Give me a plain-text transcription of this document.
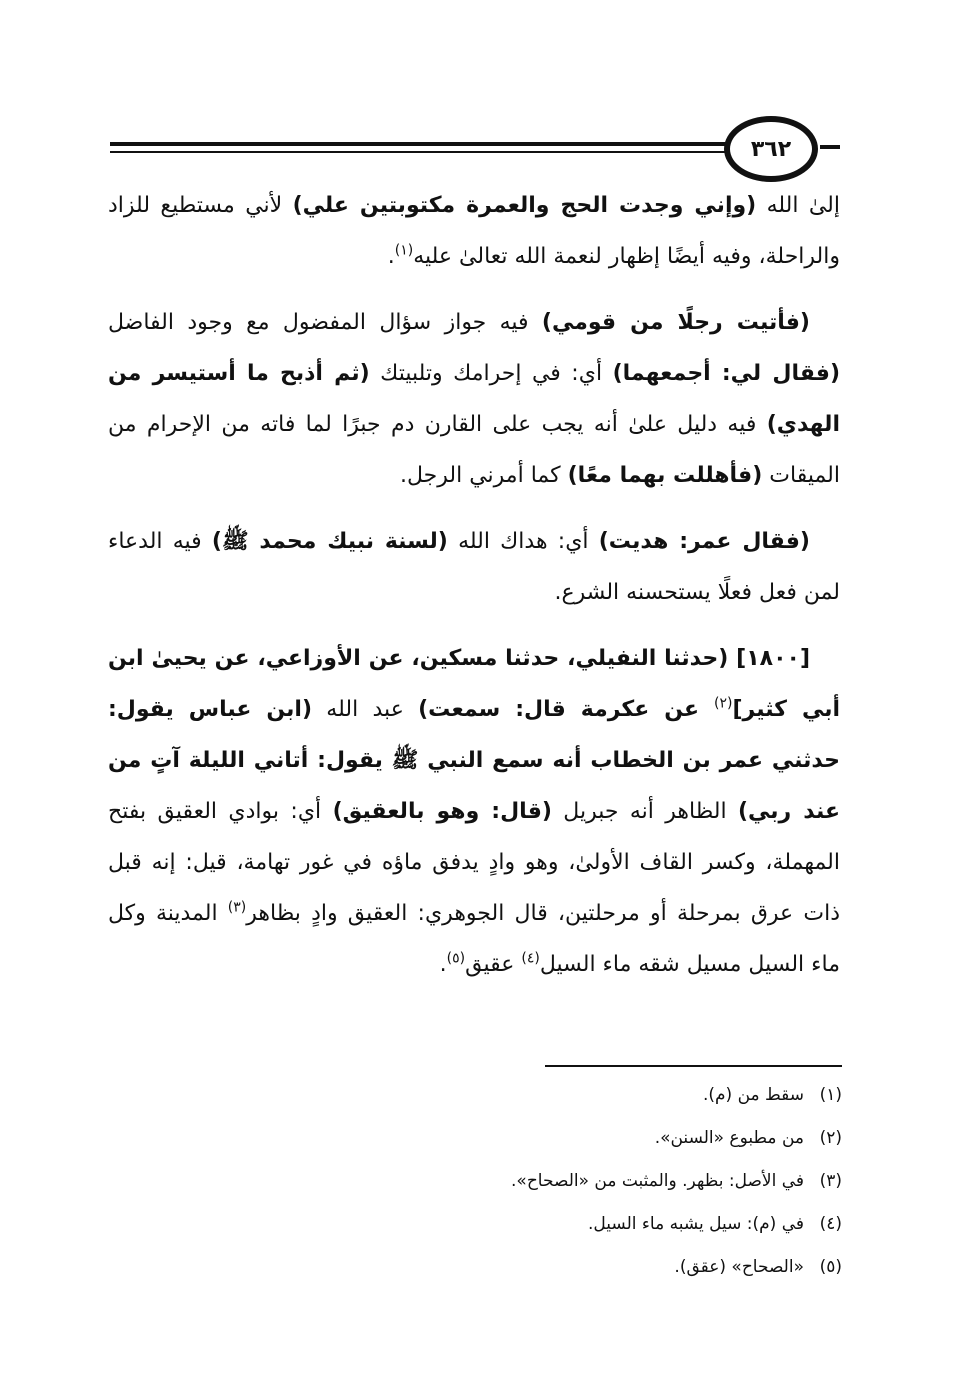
٣٦٢

إلىٰ الله (وإني وجدت الحج والعمرة مكتوبتين علي) لأني مستطيع للزاد والراحلة، وفيه أيضًا إظهار لنعمة الله تعالىٰ عليه$^{(١)}$.

(فأتيت رجلًا من قومي) فيه جواز سؤال المفضول مع وجود الفاضل (فقال لي: أجمعهما) أي: في إحرامك وتلبيتك (ثم أذبح ما أستيسر من الهدي) فيه دليل علىٰ أنه يجب على القارن دم جبرًا لما فاته من الإحرام من الميقات (فأهللت بهما معًا) كما أمرني الرجل.

(فقال عمر: هديت) أي: هداك الله (لسنة نبيك محمد ﷺ) فيه الدعاء لمن فعل فعلًا يستحسنه الشرع.

[١٨٠٠] (حدثنا النفيلي، حدثنا مسكين، عن الأوزاعي، عن يحيىٰ ابن أبي كثير]$^{(٢)}$ عن عكرمة قال: سمعت) عبد الله (ابن عباس يقول: حدثني عمر بن الخطاب أنه سمع النبي ﷺ يقول: أتاني الليلة آتٍ من عند ربي) الظاهر أنه جبريل (قال: وهو بالعقيق) أي: بوادي العقيق بفتح المهملة، وكسر القاف الأولىٰ، وهو وادٍ يدفق ماؤه في غور تهامة، قيل: إنه قبل ذات عرق بمرحلة أو مرحلتين، قال الجوهري: العقيق وادٍ بظاهر$^{(٣)}$ المدينة وكل ماء السيل مسيل شقه ماء السيل$^{(٤)}$ عقيق$^{(٥)}$.

(١)سقط من (م).
(٢)من مطبوع «السنن».
(٣)في الأصل: بظهر. والمثبت من «الصحاح».
(٤)في (م): سيل يشبه ماء السيل.
(٥)«الصحاح» (عقق).
